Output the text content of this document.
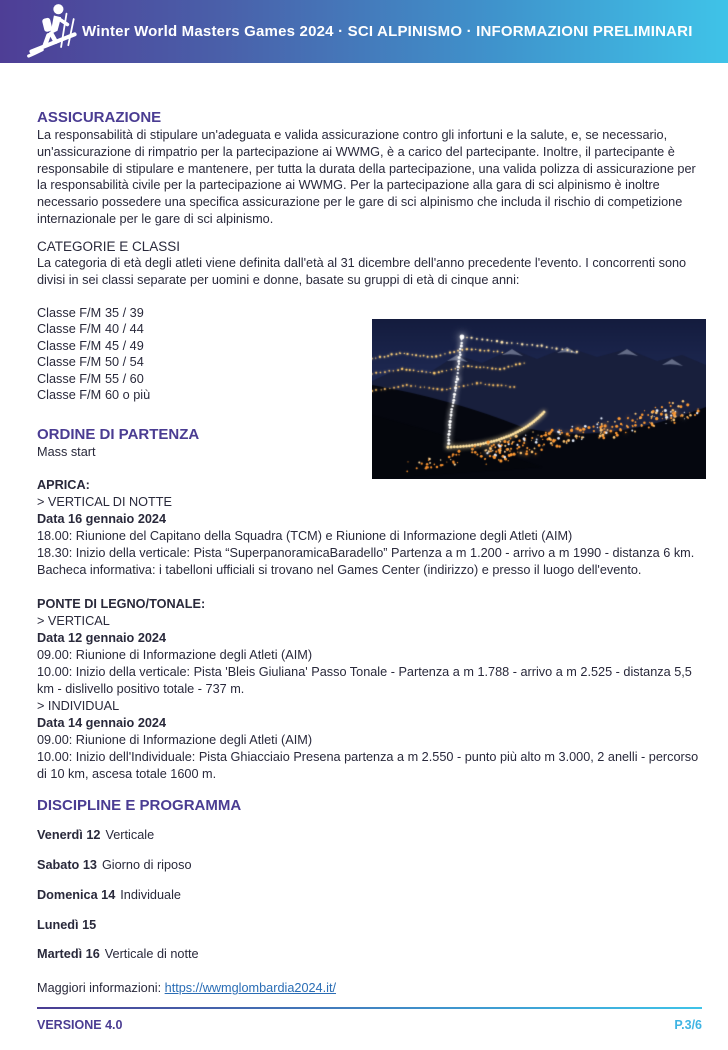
Winter World Masters Games 2024 · SCI ALPINISMO · INFORMAZIONI PRELIMINARI
ASSICURAZIONE

La responsabilità di stipulare un'adeguata e valida assicurazione contro gli infortuni e la salute, e, se necessario, un'assicurazione di rimpatrio per la partecipazione ai WWMG, è a carico del partecipante. Inoltre, il partecipante è responsabile di stipulare e mantenere, per tutta la durata della partecipazione, una valida polizza di assicurazione per la responsabilità civile per la partecipazione ai WWMG. Per la partecipazione alla gara di sci alpinismo è inoltre necessario possedere una specifica assicurazione per le gare di sci alpinismo che includa il rischio di competizione internazionale per le gare di sci alpinismo.

CATEGORIE E CLASSI

La categoria di età degli atleti viene definita dall'età al 31 dicembre dell'anno precedente l'evento. I concorrenti sono divisi in sei classi separate per uomini e donne, basate su gruppi di età di cinque anni:

Classe F/M 35 / 39
Classe F/M 40 / 44
Classe F/M 45 / 49
Classe F/M 50 / 54
Classe F/M 55 / 60
Classe F/M 60 o più
ORDINE DI PARTENZA

Mass start

APRICA:

> VERTICAL DI NOTTE

Data 16 gennaio 2024

18.00: Riunione del Capitano della Squadra (TCM) e Riunione di Informazione degli Atleti (AIM)

18.30: Inizio della verticale: Pista “SuperpanoramicaBaradello” Partenza a m 1.200 - arrivo a m 1990 - distanza 6 km.

Bacheca informativa: i tabelloni ufficiali si trovano nel Games Center (indirizzo) e presso il luogo dell'evento.

PONTE DI LEGNO/TONALE:

> VERTICAL

Data 12 gennaio 2024

09.00: Riunione di Informazione degli Atleti (AIM)

10.00: Inizio della verticale: Pista 'Bleis Giuliana' Passo Tonale - Partenza a m 1.788 - arrivo a m 2.525 - distanza 5,5 km - dislivello positivo totale - 737 m.

> INDIVIDUAL

Data 14 gennaio 2024

09.00: Riunione di Informazione degli Atleti (AIM)

10.00: Inizio dell'Individuale: Pista Ghiacciaio Presena partenza a m 2.550 - punto più alto m 3.000, 2 anelli - percorso di 10 km, ascesa totale 1600 m.

DISCIPLINE E PROGRAMMA

Venerdì 12 Verticale

Sabato 13 Giorno di riposo

Domenica 14 Individuale

Lunedì 15

Martedì 16 Verticale di notte

Maggiori informazioni: https://wwmglombardia2024.it/

VERSIONE 4.0	P.3/6
